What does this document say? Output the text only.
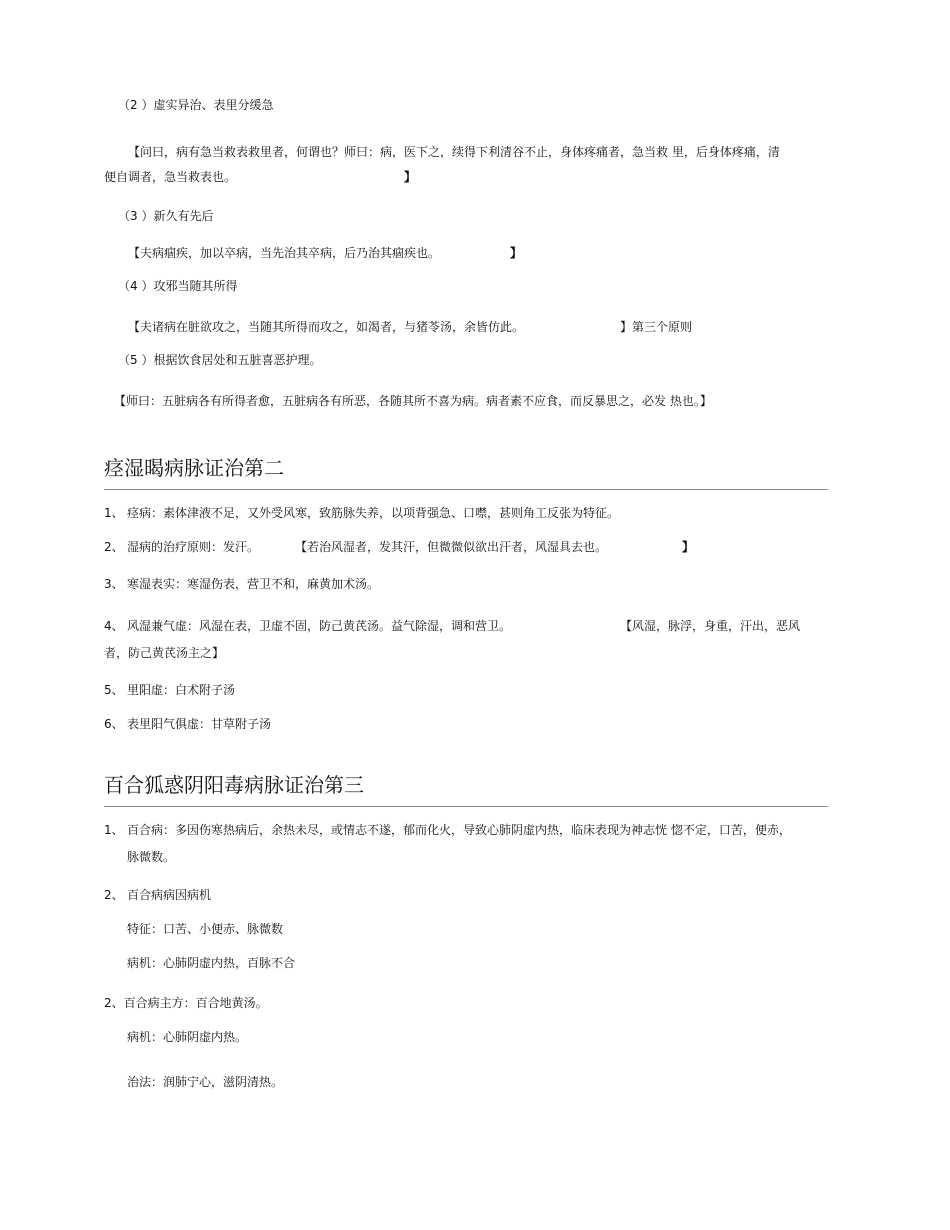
（2 ）虚实异治、表里分缓急
【问曰，病有急当救表救里者，何谓也？师曰：病，医下之，续得下利清谷不止，身体疼痛者，急当救 里，后身体疼痛，清
便自调者，急当救表也。	】
（3 ）新久有先后
【夫病痼疾，加以卒病，当先治其卒病，后乃治其痼疾也。	】
（4 ）攻邪当随其所得
【夫诸病在脏欲攻之，当随其所得而攻之，如渴者，与猪苓汤，余皆仿此。	】第三个原则
（5 ）根据饮食居处和五脏喜恶护理。
【师曰：五脏病各有所得者愈，五脏病各有所恶，各随其所不喜为病。病者素不应食，而反暴思之，必发 热也。】
痉湿暍病脉证治第二
1、 痉病：素体津液不足，又外受风寒，致筋脉失养，以项背强急、口噤，甚则角工反张为特征。
2、 湿病的治疗原则：发汗。	【若治风湿者，发其汗，但微微似欲出汗者，风湿具去也。	】
3、 寒湿表实：寒湿伤表，营卫不和，麻黄加术汤。
4、 风湿兼气虚：风湿在表，卫虚不固，防己黄芪汤。益气除湿，调和营卫。	【风湿，脉浮，身重，汗出，恶风
者，防己黄芪汤主之】
5、 里阳虚：白术附子汤
6、 表里阳气俱虚：甘草附子汤
百合狐惑阴阳毒病脉证治第三
1、 百合病：多因伤寒热病后，余热未尽，或情志不遂，郁而化火，导致心肺阴虚内热，临床表现为神志恍 惚不定，口苦，便赤，
脉微数。
2、 百合病病因病机
特征：口苦、小便赤、脉微数
病机：心肺阴虚内热，百脉不合
2、百合病主方：百合地黄汤。
病机：心肺阴虚内热。
治法：润肺宁心，滋阴清热。
